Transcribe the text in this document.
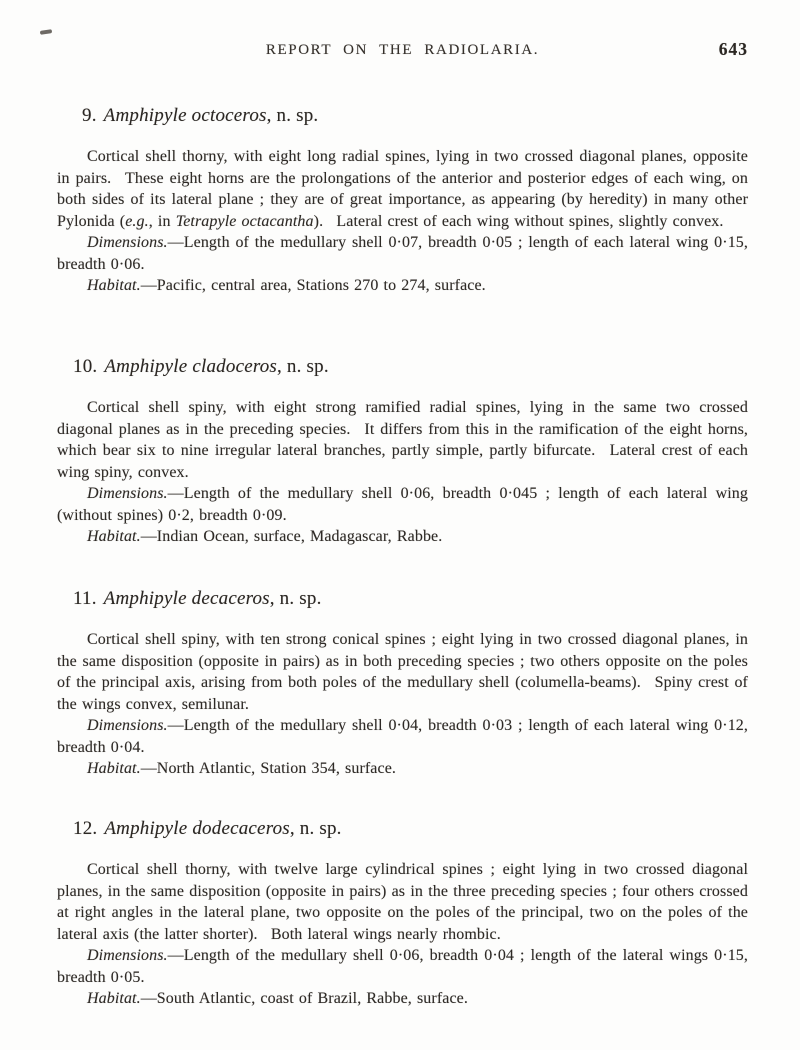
REPORT ON THE RADIOLARIA.	643
9. Amphipyle octoceros, n. sp.

Cortical shell thorny, with eight long radial spines, lying in two crossed diagonal planes, opposite in pairs.  These eight horns are the prolongations of the anterior and posterior edges of each wing, on both sides of its lateral plane ; they are of great importance, as appearing (by heredity) in many other Pylonida (e.g., in Tetrapyle octacantha).  Lateral crest of each wing without spines, slightly convex.

Dimensions.—Length of the medullary shell 0·07, breadth 0·05 ; length of each lateral wing 0·15, breadth 0·06.

Habitat.—Pacific, central area, Stations 270 to 274, surface.

10. Amphipyle cladoceros, n. sp.

Cortical shell spiny, with eight strong ramified radial spines, lying in the same two crossed diagonal planes as in the preceding species.  It differs from this in the ramification of the eight horns, which bear six to nine irregular lateral branches, partly simple, partly bifurcate.  Lateral crest of each wing spiny, convex.

Dimensions.—Length of the medullary shell 0·06, breadth 0·045 ; length of each lateral wing (without spines) 0·2, breadth 0·09.

Habitat.—Indian Ocean, surface, Madagascar, Rabbe.

11. Amphipyle decaceros, n. sp.

Cortical shell spiny, with ten strong conical spines ; eight lying in two crossed diagonal planes, in the same disposition (opposite in pairs) as in both preceding species ; two others opposite on the poles of the principal axis, arising from both poles of the medullary shell (columella-beams).  Spiny crest of the wings convex, semilunar.

Dimensions.—Length of the medullary shell 0·04, breadth 0·03 ; length of each lateral wing 0·12, breadth 0·04.

Habitat.—North Atlantic, Station 354, surface.

12. Amphipyle dodecaceros, n. sp.

Cortical shell thorny, with twelve large cylindrical spines ; eight lying in two crossed diagonal planes, in the same disposition (opposite in pairs) as in the three preceding species ; four others crossed at right angles in the lateral plane, two opposite on the poles of the principal, two on the poles of the lateral axis (the latter shorter).  Both lateral wings nearly rhombic.

Dimensions.—Length of the medullary shell 0·06, breadth 0·04 ; length of the lateral wings 0·15, breadth 0·05.

Habitat.—South Atlantic, coast of Brazil, Rabbe, surface.
